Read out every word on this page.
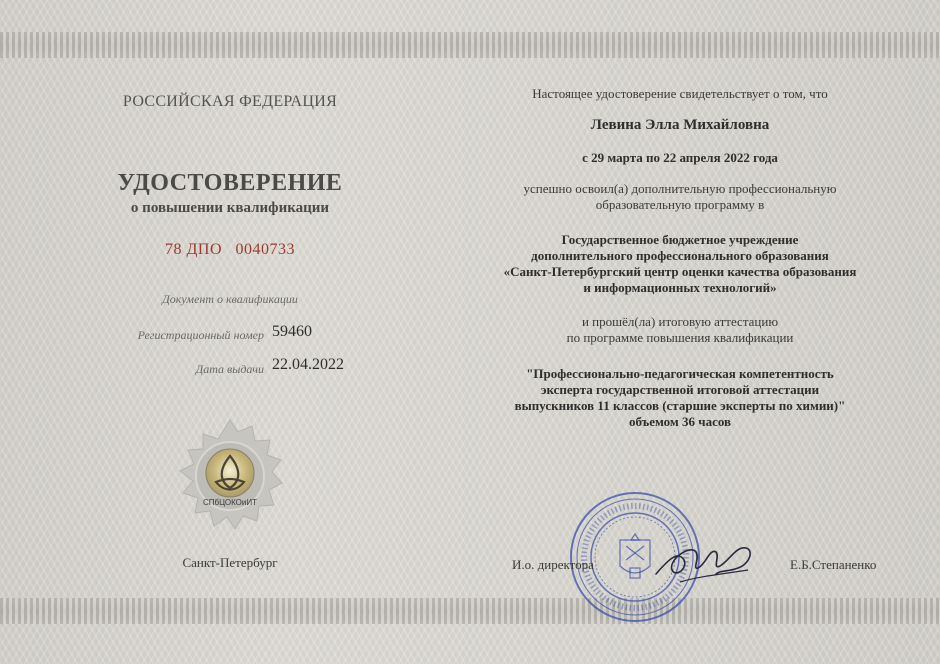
РОССИЙСКАЯ ФЕДЕРАЦИЯ
УДОСТОВЕРЕНИЕ
о повышении квалификации
78 ДПО   0040733
Документ о квалификации
Регистрационный номер 59460
Дата выдачи 22.04.2022
СПбЦОКОиИТ
Санкт-Петербург
Настоящее удостоверение свидетельствует о том, что
Левина Элла Михайловна
с 29 марта по 22 апреля 2022 года
успешно освоил(а) дополнительную профессиональную
образовательную программу в
Государственное бюджетное учреждение
дополнительного профессионального образования
«Санкт-Петербургский центр оценки качества образования
и информационных технологий»
и прошёл(ла) итоговую аттестацию
по программе повышения квалификации
"Профессионально-педагогическая компетентность
эксперта государственной итоговой аттестации
выпускников 11 классов (старшие эксперты по химии)"
объемом 36 часов
И.о. директора	Е.Б.Степаненко
